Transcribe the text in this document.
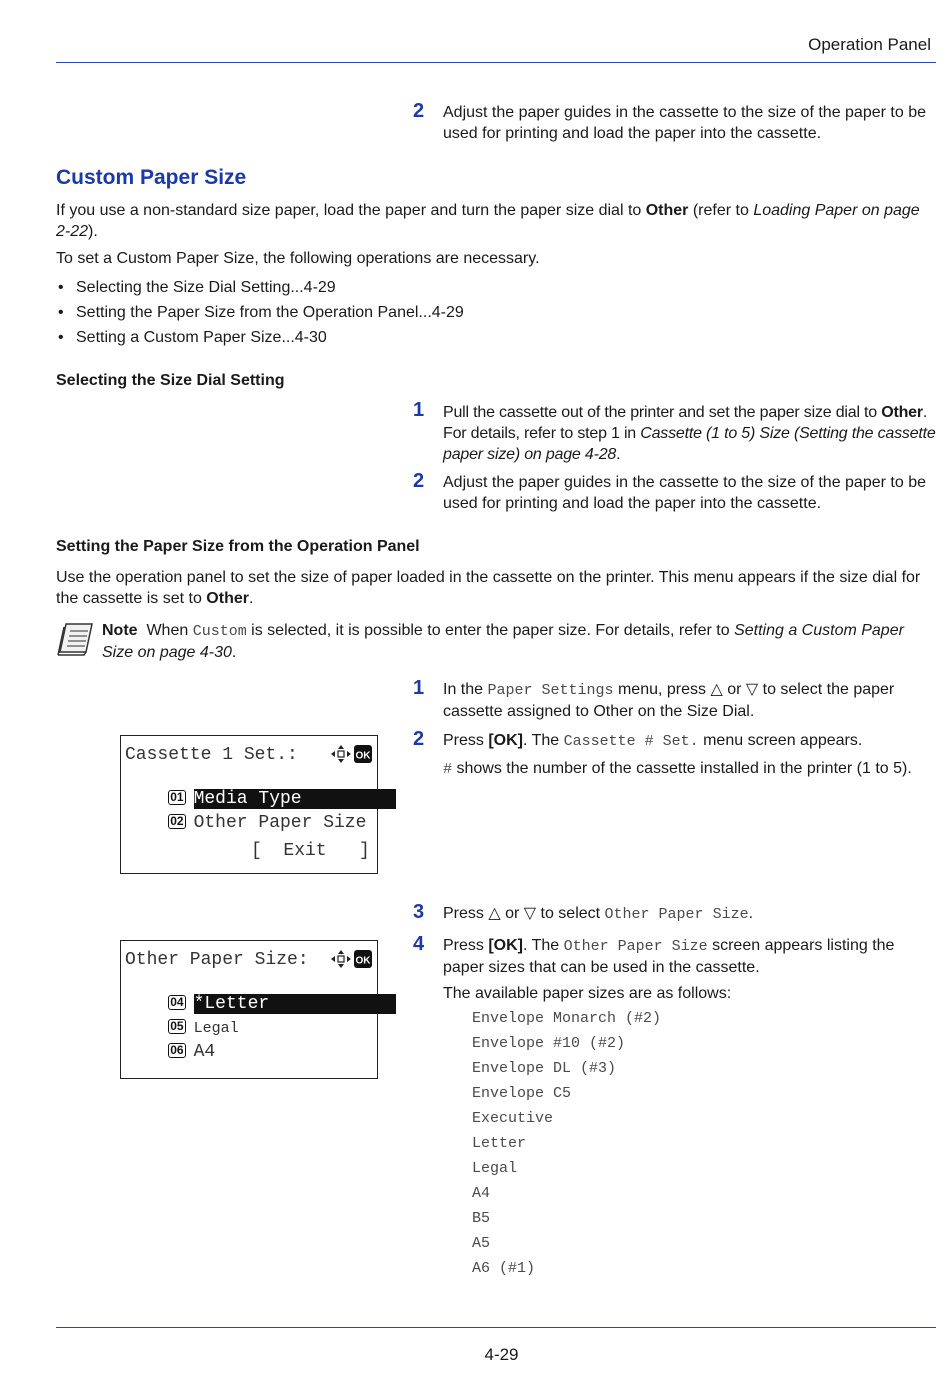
Operation Panel
2 Adjust the paper guides in the cassette to the size of the paper to be used for printing and load the paper into the cassette.
Custom Paper Size
If you use a non-standard size paper, load the paper and turn the paper size dial to Other (refer to Loading Paper on page 2-22).
To set a Custom Paper Size, the following operations are necessary.
• Selecting the Size Dial Setting...4-29
• Setting the Paper Size from the Operation Panel...4-29
• Setting a Custom Paper Size...4-30
Selecting the Size Dial Setting
1 Pull the cassette out of the printer and set the paper size dial to Other. For details, refer to step 1 in Cassette (1 to 5) Size (Setting the cassette paper size) on page 4-28.
2 Adjust the paper guides in the cassette to the size of the paper to be used for printing and load the paper into the cassette.
Setting the Paper Size from the Operation Panel
Use the operation panel to set the size of paper loaded in the cassette on the printer. This menu appears if the size dial for the cassette is set to Other.
Note When Custom is selected, it is possible to enter the paper size. For details, refer to Setting a Custom Paper Size on page 4-30.
1 In the Paper Settings menu, press △ or ▽ to select the paper cassette assigned to Other on the Size Dial.
2 Press [OK]. The Cassette # Set. menu screen appears.
# shows the number of the cassette installed in the printer (1 to 5).
Cassette 1 Set.:	OK

01 Media Type

02 Other Paper Size

[  Exit   ]
3 Press △ or ▽ to select Other Paper Size.
4 Press [OK]. The Other Paper Size screen appears listing the paper sizes that can be used in the cassette.
The available paper sizes are as follows:
Other Paper Size:	OK

04 *Letter

05 Legal

06 A4

Envelope Monarch (#2)
Envelope #10 (#2)
Envelope DL (#3)
Envelope C5
Executive
Letter
Legal
A4
B5
A5
A6 (#1)
4-29
